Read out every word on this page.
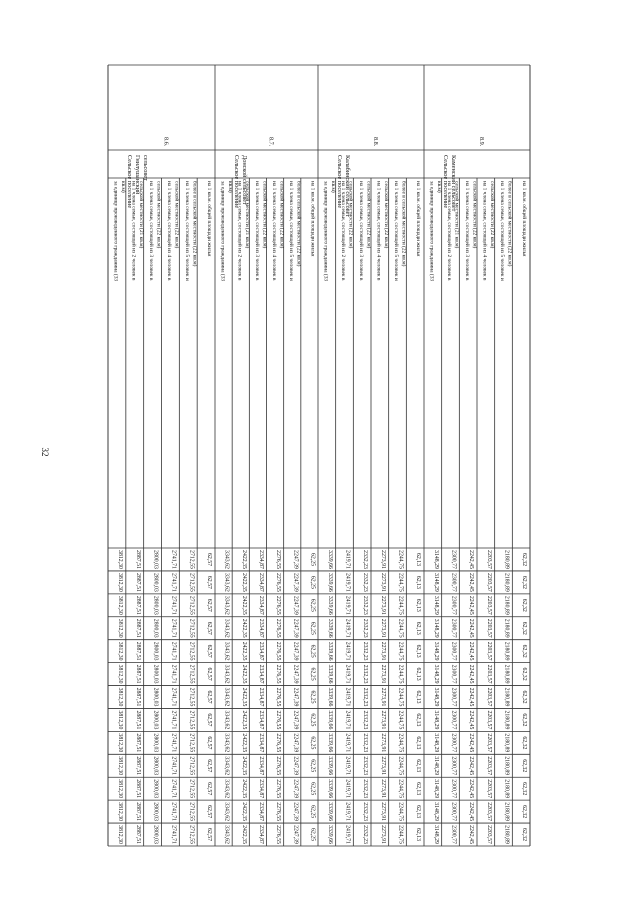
32
8.6.
Сельское поселение Гнилушанский сельсовет
за единицу произведенного гражданина (33 кв.м)
3812,30
3812,30
3812,30
3812,30
3812,30
3812,30
3812,30
3812,30
3812,30
3812,30
3812,30
3812,30
3812,30
на 1 члена семьи, состоящей из 2 человек в сельской местности (21 кв.м)
2887,51
2887,51
2887,51
2887,51
2887,51
2887,51
2887,51
2887,51
2887,51
2887,51
2887,51
2887,51
2887,51
на 1 члена семьи, состоящей из 3 человек в сельской местности (22 кв.м)
2800,03
2800,03
2800,03
2800,03
2800,03
2800,03
2800,03
2800,03
2800,03
2800,03
2800,03
2800,03
2800,03
на 1 члена семьи, состоящей из 4 человек в сельской местности (22 кв.м)
2741,71
2741,71
2741,71
2741,71
2741,71
2741,71
2741,71
2741,71
2741,71
2741,71
2741,71
2741,71
2741,71
на 1 члена семьи, состоящей из 5 человек и более в сельской местности (22 кв.м)
2712,55
2712,55
2712,55
2712,55
2712,55
2712,55
2712,55
2712,55
2712,55
2712,55
2712,55
2712,55
2712,55
на 1 кв.м. общей площади жилья
62,57
62,57
62,57
62,57
62,57
62,57
62,57
62,57
62,57
62,57
62,57
62,57
62,57
8.7.
Сельское поселение Донской сельсовет
за единицу произведенного гражданина (33 кв.м)
3343,62
3343,62
3343,62
3343,62
3343,62
3343,62
3343,62
3343,62
3343,62
3343,62
3343,62
3343,62
3343,62
на 1 члена семьи, состоящей из 2 человек в сельской местности (21 кв.м)
2422,35
2422,35
2422,35
2422,35
2422,35
2422,35
2422,35
2422,35
2422,35
2422,35
2422,35
2422,35
2422,35
на 1 члена семьи, состоящей из 3 человек в сельской местности (22 кв.м)
2334,87
2334,87
2334,87
2334,87
2334,87
2334,87
2334,87
2334,87
2334,87
2334,87
2334,87
2334,87
2334,87
на 1 члена семьи, состоящей из 4 человек в сельской местности (22 кв.м)
2276,55
2276,55
2276,55
2276,55
2276,55
2276,55
2276,55
2276,55
2276,55
2276,55
2276,55
2276,55
2276,55
на 1 члена семьи, состоящей из 5 человек и более в сельской местности (22 кв.м)
2247,39
2247,39
2247,39
2247,39
2247,39
2247,39
2247,39
2247,39
2247,39
2247,39
2247,39
2247,39
2247,39
на 1 кв.м. общей площади жилья
62,25
62,25
62,25
62,25
62,25
62,25
62,25
62,25
62,25
62,25
62,25
62,25
62,25
8.8.
Сельское поселение Калабинский сельсовет
за единицу произведенного гражданина (33 кв.м)
3339,66
3339,66
3339,66
3339,66
3339,66
3339,66
3339,66
3339,66
3339,66
3339,66
3339,66
3339,66
3339,66
на 1 члена семьи, состоящей из 2 человек в сельской местности (22 кв.м)
2419,71
2419,71
2419,71
2419,71
2419,71
2419,71
2419,71
2419,71
2419,71
2419,71
2419,71
2419,71
2419,71
на 1 члена семьи, состоящей из 3 человек в сельской местности (22 кв.м)
2332,23
2332,23
2332,23
2332,23
2332,23
2332,23
2332,23
2332,23
2332,23
2332,23
2332,23
2332,23
2332,23
на 1 члена семьи, состоящей из 4 человек в сельской местности (22 кв.м)
2273,91
2273,91
2273,91
2273,91
2273,91
2273,91
2273,91
2273,91
2273,91
2273,91
2273,91
2273,91
2273,91
на 1 члена семьи, состоящей из 5 человек и более в сельской местности (22 кв.м)
2244,75
2244,75
2244,75
2244,75
2244,75
2244,75
2244,75
2244,75
2244,75
2244,75
2244,75
2244,75
2244,75
на 1 кв.м. общей площади жилья
62,13
62,13
62,13
62,13
62,13
62,13
62,13
62,13
62,13
62,13
62,13
62,13
62,13
8.9.
Сельское поселение Каменский сельсовет
за единицу произведенного гражданина (33 кв.м)
3148,29
3148,29
3148,29
3148,29
3148,29
3148,29
3148,29
3148,29
3148,29
3148,29
3148,29
3148,29
3148,29
на 1 члена семьи, состоящей из 2 человек в сельской местности (21 кв.м)
2300,77
2300,77
2300,77
2300,77
2300,77
2300,77
2300,77
2300,77
2300,77
2300,77
2300,77
2300,77
2300,77
на 1 члена семьи, состоящей из 3 человек в сельской местности (22 кв.м)
2242,45
2242,45
2242,45
2242,45
2242,45
2242,45
2242,45
2242,45
2242,45
2242,45
2242,45
2242,45
2242,45
на 1 члена семьи, состоящей из 4 человек в сельской местности (22 кв.м)
2203,57
2203,57
2203,57
2203,57
2203,57
2203,57
2203,57
2203,57
2203,57
2203,57
2203,57
2203,57
2203,57
на 1 члена семьи, состоящей из 5 человек и более в сельской местности (22 кв.м)
2180,89
2180,89
2180,89
2180,89
2180,89
2180,89
2180,89
2180,89
2180,89
2180,89
2180,89
2180,89
2180,89
на 1 кв.м. общей площади жилья
62,32
62,32
62,32
62,32
62,32
62,32
62,32
62,32
62,32
62,32
62,32
62,32
62,32
